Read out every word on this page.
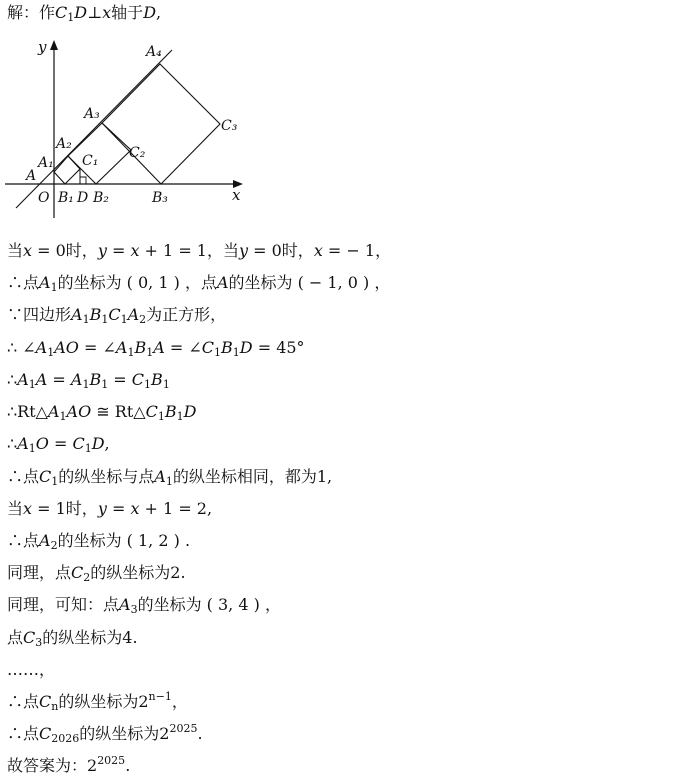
解：作$C_1D\perp x$轴于D,
y
x
O
A
A₁
A₂
A₃
A₄
B₁ D B₂	B₃
C₁ C₂
C₃
当x = 0时，y = x + 1 = 1，当y = 0时，x = − 1，
∴点$A_1$的坐标为 ( 0, 1 ) ，点A的坐标为 ( − 1, 0 ) ，
∵四边形$A_1B_1C_1A_2$为正方形，
∴ $\angle A_1AO$ = $\angle A_1B_1A$ = $\angle C_1B_1D = 45^\circ$
$\therefore A_1A = A_1B_1 = C_1B_1$
$\therefore Rt\triangle A_1AO$ ≅ $Rt\triangle C_1B_1D$
$\therefore A_1O = C_1D$,
∴点$C_1$的纵坐标与点$A_1$的纵坐标相同，都为1,
当x = 1时，y = x + 1 = 2,
∴点$A_2$的坐标为 ( 1, 2 ) .
同理，点$C_2$的纵坐标为2.
同理，可知：点$A_3$的坐标为 ( 3, 4 ) ，
点$C_3$的纵坐标为4.
……，
∴点$C_n$的纵坐标为$2^{n-1}$，
∴点$C_{2026}$的纵坐标为$2^{2025}$.
故答案为：$2^{2025}$.
